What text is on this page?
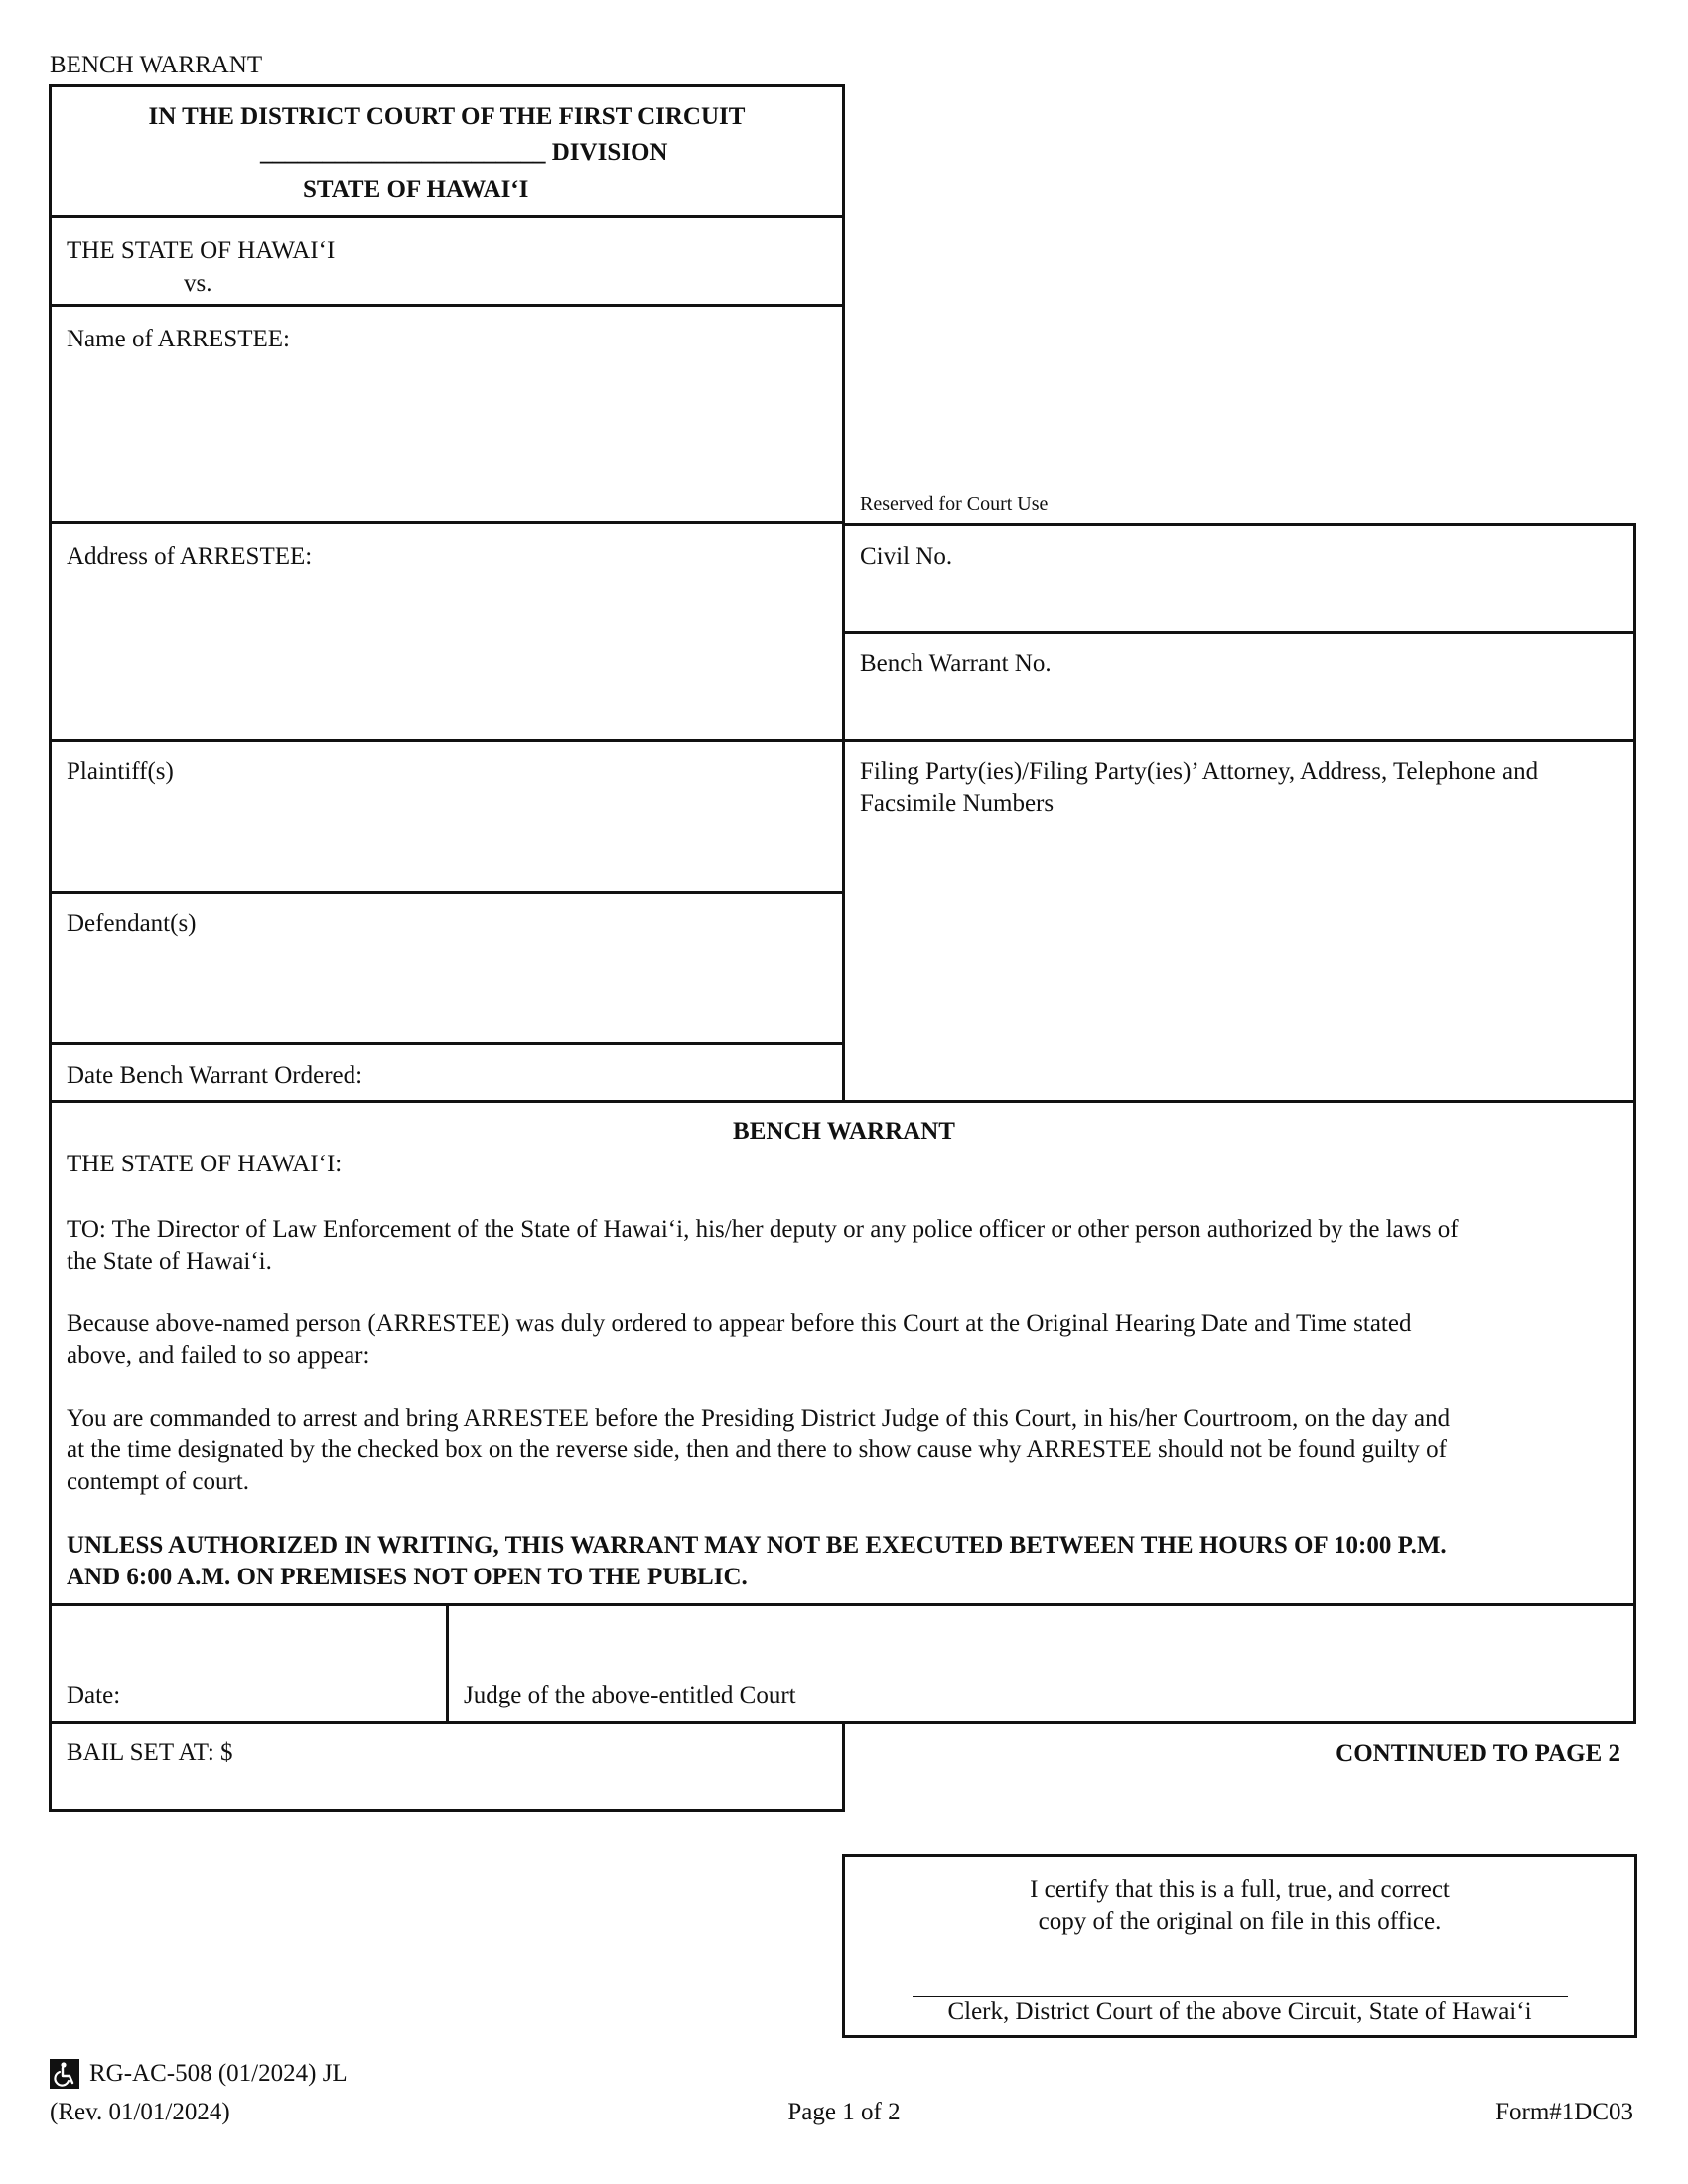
BENCH WARRANT
IN THE DISTRICT COURT OF THE FIRST CIRCUIT
_______________________ DIVISION
STATE OF HAWAI‘I
THE STATE OF HAWAI‘I
vs.
Name of ARRESTEE:
Address of ARRESTEE:
Plaintiff(s)
Defendant(s)
Date Bench Warrant Ordered:
Reserved for Court Use
Civil No.
Bench Warrant No.
Filing Party(ies)/Filing Party(ies)’ Attorney, Address, Telephone and
Facsimile Numbers
BENCH WARRANT
THE STATE OF HAWAI‘I:
TO: The Director of Law Enforcement of the State of Hawai‘i, his/her deputy or any police officer or other person authorized by the laws of
the State of Hawai‘i.
Because above-named person (ARRESTEE) was duly ordered to appear before this Court at the Original Hearing Date and Time stated
above, and failed to so appear:
You are commanded to arrest and bring ARRESTEE before the Presiding District Judge of this Court, in his/her Courtroom, on the day and
at the time designated by the checked box on the reverse side, then and there to show cause why ARRESTEE should not be found guilty of
contempt of court.
UNLESS AUTHORIZED IN WRITING, THIS WARRANT MAY NOT BE EXECUTED BETWEEN THE HOURS OF 10:00 P.M.
AND 6:00 A.M. ON PREMISES NOT OPEN TO THE PUBLIC.
Date:	Judge of the above-entitled Court
BAIL SET AT: $	CONTINUED TO PAGE 2
I certify that this is a full, true, and correct
copy of the original on file in this office.
Clerk, District Court of the above Circuit, State of Hawai‘i
RG-AC-508 (01/2024) JL
(Rev. 01/01/2024)	Page 1 of 2	Form#1DC03
